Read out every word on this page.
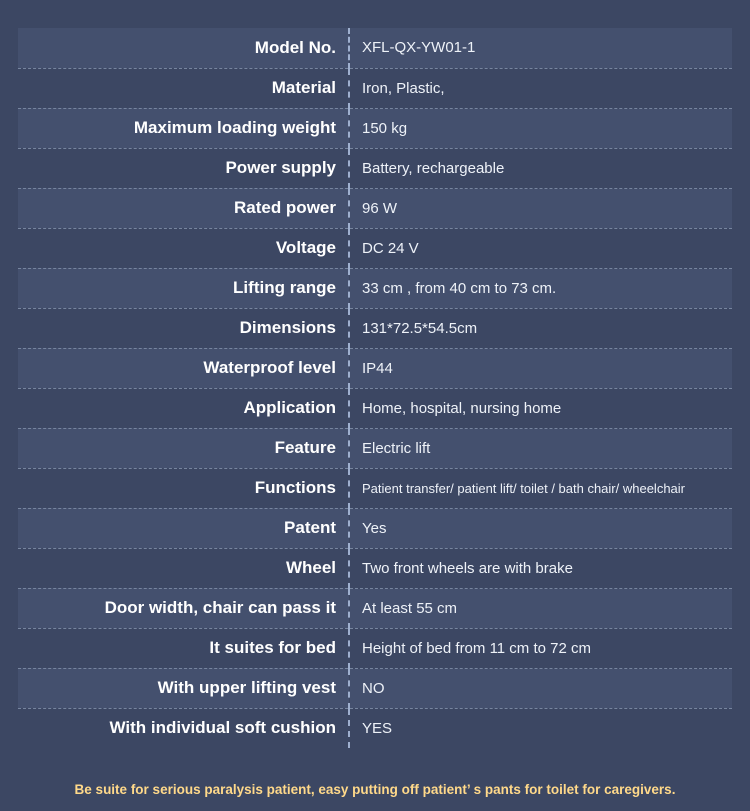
Model No.	XFL-QX-YW01-1
Material	Iron, Plastic,
Maximum loading weight	150 kg
Power supply	Battery, rechargeable
Rated power	96 W
Voltage	DC 24 V
Lifting range	33 cm , from 40 cm to 73 cm.
Dimensions	131*72.5*54.5cm
Waterproof level	IP44
Application	Home, hospital, nursing home
Feature	Electric lift
Functions	Patient transfer/ patient lift/ toilet / bath chair/ wheelchair
Patent	Yes
Wheel	Two front wheels are with brake
Door width, chair can pass it	At least 55 cm
It suites for bed	Height of bed from 11 cm to 72 cm
With upper lifting vest	NO
With individual soft cushion	YES
Be suite for serious paralysis patient, easy putting off patient’ s pants for toilet for caregivers.
